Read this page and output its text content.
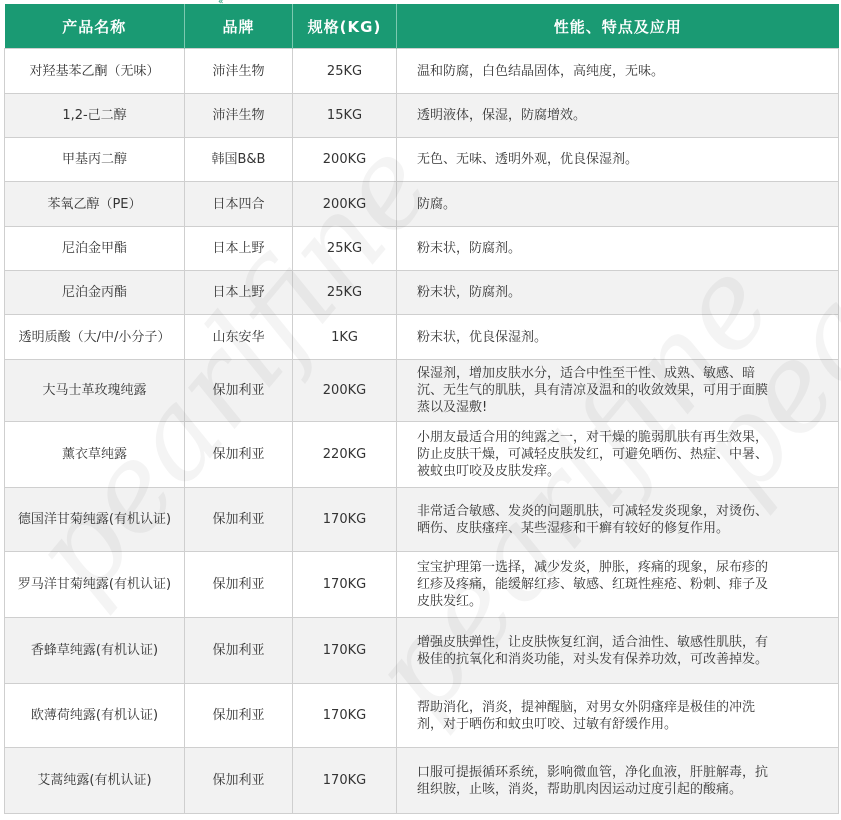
产品名称	品牌	规格(KG)	性能、特点及应用
对羟基苯乙酮（无味）	沛沣生物	25KG	温和防腐，白色结晶固体，高纯度，无味。

1,2-己二醇	沛沣生物	15KG	透明液体，保湿，防腐增效。

甲基丙二醇	韩国B&B	200KG	无色、无味、透明外观，优良保湿剂。

苯氧乙醇（PE）	日本四合	200KG	防腐。

尼泊金甲酯	日本上野	25KG	粉末状，防腐剂。

尼泊金丙酯	日本上野	25KG	粉末状，防腐剂。

透明质酸（大/中/小分子）	山东安华	1KG	粉末状，优良保湿剂。

大马士革玫瑰纯露	保加利亚	200KG	保湿剂，增加皮肤水分，适合中性至干性、成熟、敏感、暗
沉、无生气的肌肤，具有清凉及温和的收敛效果，可用于面膜
蒸以及湿敷!

薰衣草纯露	保加利亚	220KG	小朋友最适合用的纯露之一，对干燥的脆弱肌肤有再生效果，
防止皮肤干燥，可减轻皮肤发红，可避免晒伤、热症、中暑、
被蚊虫叮咬及皮肤发痒。

德国洋甘菊纯露(有机认证)	保加利亚	170KG	非常适合敏感、发炎的问题肌肤，可减轻发炎现象，对烫伤、
晒伤、皮肤瘙痒、某些湿疹和干癣有较好的修复作用。

罗马洋甘菊纯露(有机认证)	保加利亚	170KG	宝宝护理第一选择，减少发炎，肿胀，疼痛的现象，尿布疹的
红疹及疼痛，能缓解红疹、敏感、红斑性痤疮、粉刺、痱子及
皮肤发红。

香蜂草纯露(有机认证)	保加利亚	170KG	增强皮肤弹性，让皮肤恢复红润，适合油性、敏感性肌肤，有
极佳的抗氧化和消炎功能，对头发有保养功效，可改善掉发。

欧薄荷纯露(有机认证)	保加利亚	170KG	帮助消化，消炎，提神醒脑，对男女外阴瘙痒是极佳的冲洗
剂，对于晒伤和蚊虫叮咬、过敏有舒缓作用。

艾蒿纯露(有机认证)	保加利亚	170KG	口服可提振循环系统，影响微血管，净化血液，肝脏解毒，抗
组织胺，止咳，消炎，帮助肌肉因运动过度引起的酸痛。
